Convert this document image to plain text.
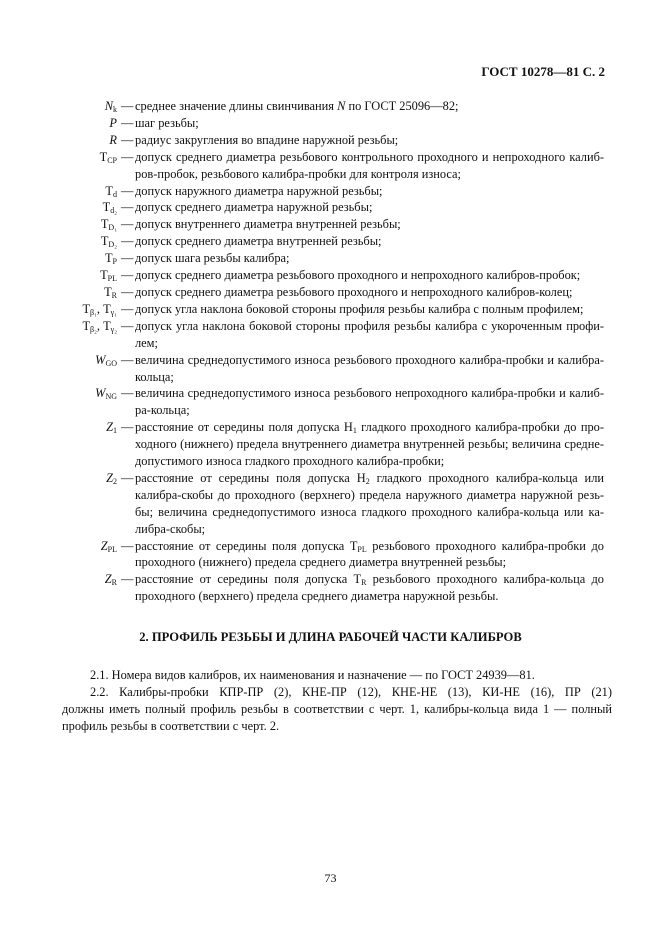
ГОСТ 10278—81 С. 2
$N_k$ — среднее значение длины свинчивания N по ГОСТ 25096—82;
P — шаг резьбы;
R — радиус закругления во впадине наружной резьбы;
$T_{CP}$ — допуск среднего диаметра резьбового контрольного проходного и непроходного калиб-
ров-пробок, резьбового калибра-пробки для контроля износа;
$T_d$ — допуск наружного диаметра наружной резьбы;
$T_{d_2}$ — допуск среднего диаметра наружной резьбы;
$T_{D_1}$ — допуск внутреннего диаметра внутренней резьбы;
$T_{D_2}$ — допуск среднего диаметра внутренней резьбы;
$T_P$ — допуск шага резьбы калибра;
$T_{PL}$ — допуск среднего диаметра резьбового проходного и непроходного калибров-пробок;
$T_R$ — допуск среднего диаметра резьбового проходного и непроходного калибров-колец;
$T_{\beta_1}$, $T_{\gamma_1}$ — допуск угла наклона боковой стороны профиля резьбы калибра с полным профилем;
$T_{\beta_2}$, $T_{\gamma_2}$ — допуск угла наклона боковой стороны профиля резьбы калибра с укороченным профи-
лем;
$W_{GO}$ — величина среднедопустимого износа резьбового проходного калибра-пробки и калибра-
кольца;
$W_{NG}$ — величина среднедопустимого износа резьбового непроходного калибра-пробки и калиб-
ра-кольца;
$Z_1$ — расстояние от середины поля допуска $H_1$ гладкого проходного калибра-пробки до про-
ходного (нижнего) предела внутреннего диаметра внутренней резьбы; величина средне-
допустимого износа гладкого проходного калибра-пробки;
$Z_2$ — расстояние от середины поля допуска $H_2$ гладкого проходного калибра-кольца или
калибра-скобы до проходного (верхнего) предела наружного диаметра наружной резь-
бы; величина среднедопустимого износа гладкого проходного калибра-кольца или ка-
либра-скобы;
$Z_{PL}$ — расстояние от середины поля допуска $T_{PL}$ резьбового проходного калибра-пробки до
проходного (нижнего) предела среднего диаметра внутренней резьбы;
$Z_R$ — расстояние от середины поля допуска $T_R$ резьбового проходного калибра-кольца до
проходного (верхнего) предела среднего диаметра наружной резьбы.
2. ПРОФИЛЬ РЕЗЬБЫ И ДЛИНА РАБОЧЕЙ ЧАСТИ КАЛИБРОВ
2.1. Номера видов калибров, их наименования и назначение — по ГОСТ 24939—81.
2.2. Калибры-пробки КПР-ПР (2), КНЕ-ПР (12), КНЕ-НЕ (13), КИ-НЕ (16), ПР (21)
должны иметь полный профиль резьбы в соответствии с черт. 1, калибры-кольца вида 1 — полный
профиль резьбы в соответствии с черт. 2.
73
